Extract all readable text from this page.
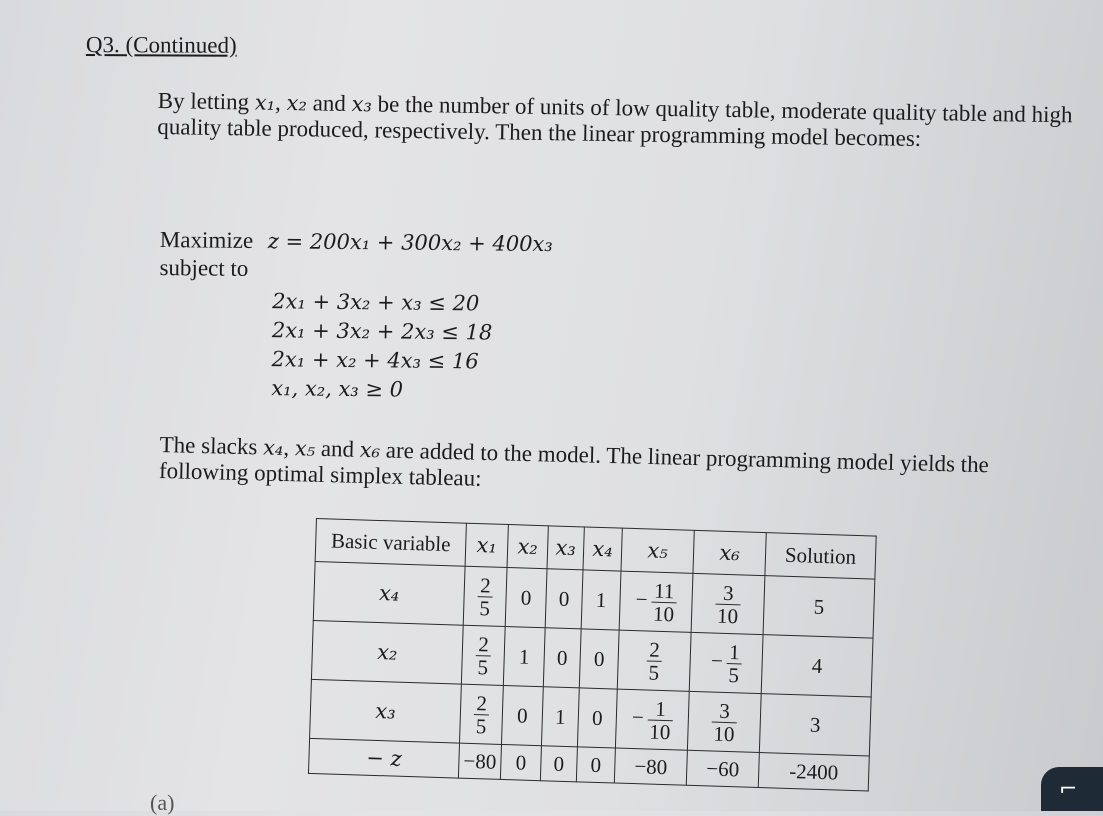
Q3. (Continued)

By letting x₁, x₂ and x₃ be the number of units of low quality table, moderate quality table and high quality table produced, respectively. Then the linear programming model becomes:

Maximize z = 200x₁ + 300x₂ + 400x₃
subject to
2x₁ + 3x₂ + x₃ ≤ 20
2x₁ + 3x₂ + 2x₃ ≤ 18
2x₁ + x₂ + 4x₃ ≤ 16
x₁, x₂, x₃ ≥ 0

The slacks x₄, x₅ and x₆ are added to the model. The linear programming model yields the following optimal simplex tableau:

Basic variable	x₁	x₂	x₃	x₄	x₅	x₆	Solution
x₄	$\frac{2}{5}$	0	0	1	− $\frac{11}{10}$	$\frac{3}{10}$	5
x₂	$\frac{2}{5}$	1	0	0	$\frac{2}{5}$	− $\frac{1}{5}$	4
x₃	$\frac{2}{5}$	0	1	0	− $\frac{1}{10}$	$\frac{3}{10}$	3
− z	−80	0	0	0	−80	−60	-2400
(a)
⌐
